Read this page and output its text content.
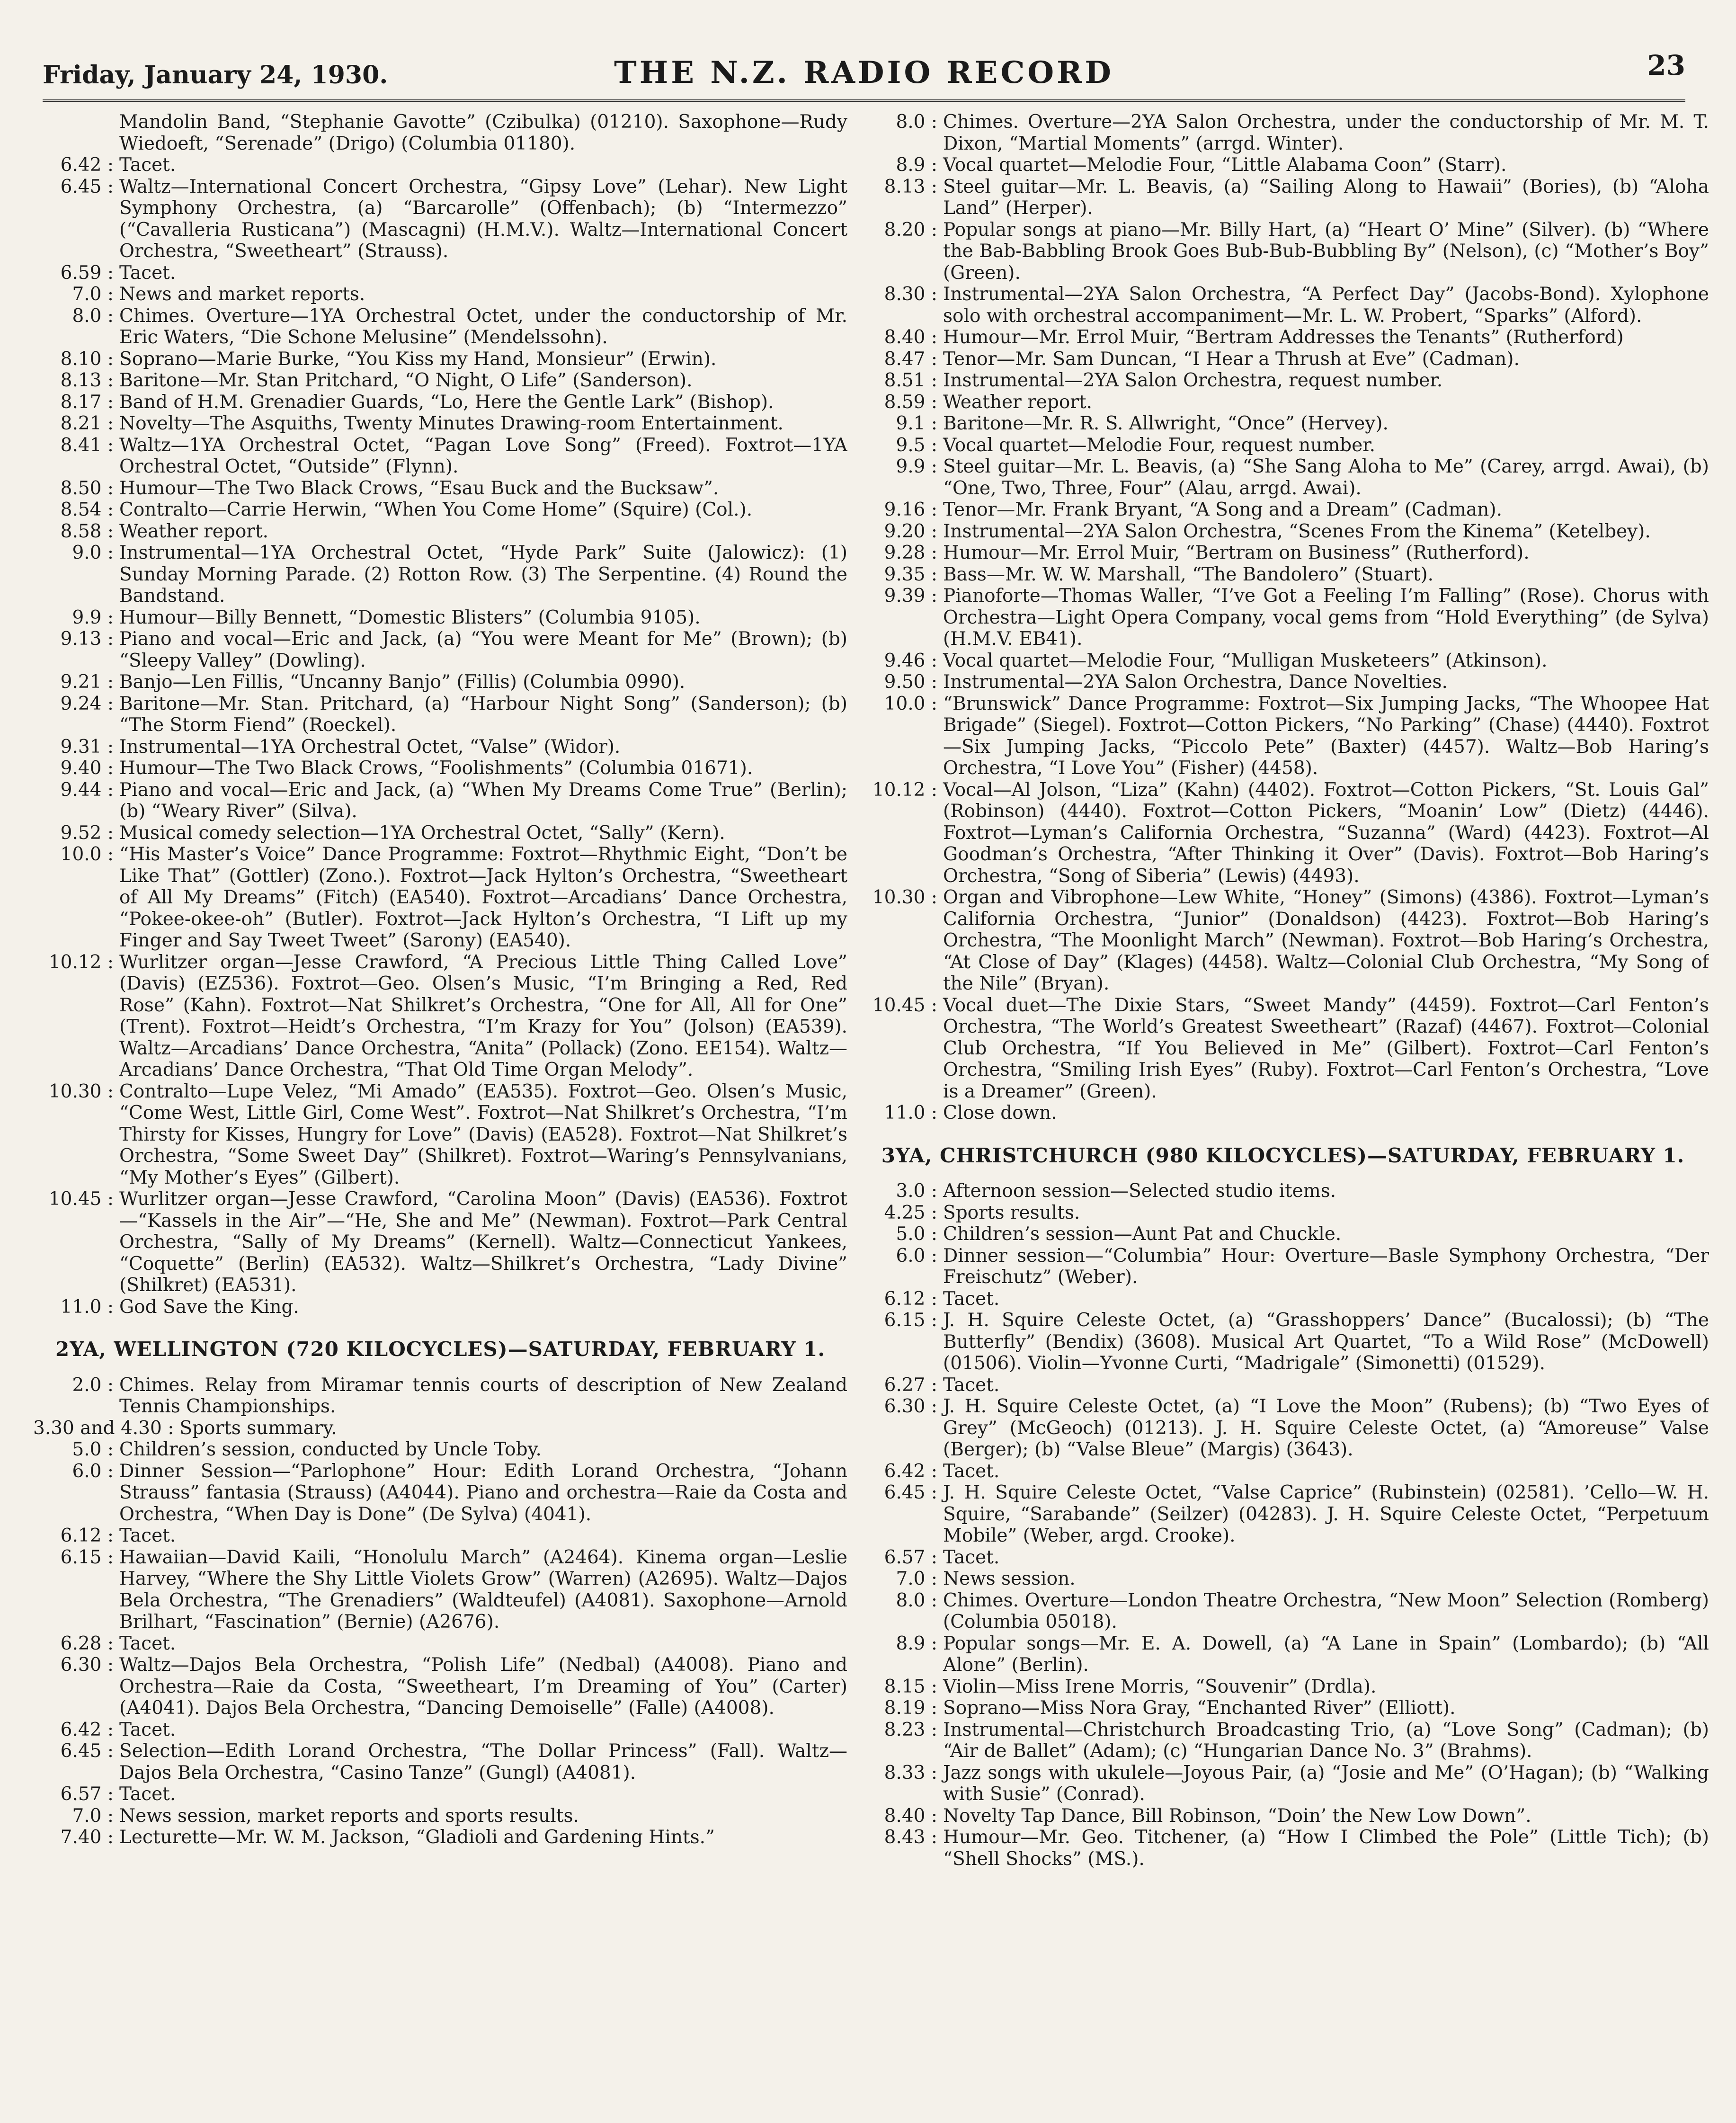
Friday, January 24, 1930.	THE N.Z. RADIO RECORD	23
Mandolin Band, “Stephanie Gavotte” (Czibulka) (01210). Saxophone—Rudy Wiedoeft, “Serenade” (Drigo) (Columbia 01180).
6.42 : Tacet.
6.45 : Waltz—International Concert Orchestra, “Gipsy Love” (Lehar). New Light Symphony Orchestra, (a) “Barcarolle” (Offenbach); (b) “Intermezzo” (“Cavalleria Rusticana”) (Mascagni) (H.M.V.). Waltz—International Concert Orchestra, “Sweetheart” (Strauss).
6.59 : Tacet.
7.0 : News and market reports.
8.0 : Chimes. Overture—1YA Orchestral Octet, under the conductorship of Mr. Eric Waters, “Die Schone Melusine” (Mendelssohn).
8.10 : Soprano—Marie Burke, “You Kiss my Hand, Monsieur” (Erwin).
8.13 : Baritone—Mr. Stan Pritchard, “O Night, O Life” (Sanderson).
8.17 : Band of H.M. Grenadier Guards, “Lo, Here the Gentle Lark” (Bishop).
8.21 : Novelty—The Asquiths, Twenty Minutes Drawing-room Entertainment.
8.41 : Waltz—1YA Orchestral Octet, “Pagan Love Song” (Freed). Foxtrot—1YA Orchestral Octet, “Outside” (Flynn).
8.50 : Humour—The Two Black Crows, “Esau Buck and the Bucksaw”.
8.54 : Contralto—Carrie Herwin, “When You Come Home” (Squire) (Col.).
8.58 : Weather report.
9.0 : Instrumental—1YA Orchestral Octet, “Hyde Park” Suite (Jalowicz): (1) Sunday Morning Parade. (2) Rotton Row. (3) The Serpentine. (4) Round the Bandstand.
9.9 : Humour—Billy Bennett, “Domestic Blisters” (Columbia 9105).
9.13 : Piano and vocal—Eric and Jack, (a) “You were Meant for Me” (Brown); (b) “Sleepy Valley” (Dowling).
9.21 : Banjo—Len Fillis, “Uncanny Banjo” (Fillis) (Columbia 0990).
9.24 : Baritone—Mr. Stan. Pritchard, (a) “Harbour Night Song” (Sanderson); (b) “The Storm Fiend” (Roeckel).
9.31 : Instrumental—1YA Orchestral Octet, “Valse” (Widor).
9.40 : Humour—The Two Black Crows, “Foolishments” (Columbia 01671).
9.44 : Piano and vocal—Eric and Jack, (a) “When My Dreams Come True” (Berlin); (b) “Weary River” (Silva).
9.52 : Musical comedy selection—1YA Orchestral Octet, “Sally” (Kern).
10.0 : “His Master’s Voice” Dance Programme: Foxtrot—Rhythmic Eight, “Don’t be Like That” (Gottler) (Zono.). Foxtrot—Jack Hylton’s Orchestra, “Sweetheart of All My Dreams” (Fitch) (EA540). Foxtrot—Arcadians’ Dance Orchestra, “Pokee-okee-oh” (Butler). Foxtrot—Jack Hylton’s Orchestra, “I Lift up my Finger and Say Tweet Tweet” (Sarony) (EA540).
10.12 : Wurlitzer organ—Jesse Crawford, “A Precious Little Thing Called Love” (Davis) (EZ536). Foxtrot—Geo. Olsen’s Music, “I’m Bringing a Red, Red Rose” (Kahn). Foxtrot—Nat Shilkret’s Orchestra, “One for All, All for One” (Trent). Foxtrot—Heidt’s Orchestra, “I’m Krazy for You” (Jolson) (EA539). Waltz—Arcadians’ Dance Orchestra, “Anita” (Pollack) (Zono. EE154). Waltz—Arcadians’ Dance Orchestra, “That Old Time Organ Melody”.
10.30 : Contralto—Lupe Velez, “Mi Amado” (EA535). Foxtrot—Geo. Olsen’s Music, “Come West, Little Girl, Come West”. Foxtrot—Nat Shilkret’s Orchestra, “I’m Thirsty for Kisses, Hungry for Love” (Davis) (EA528). Foxtrot—Nat Shilkret’s Orchestra, “Some Sweet Day” (Shilkret). Foxtrot—Waring’s Pennsylvanians, “My Mother’s Eyes” (Gilbert).
10.45 : Wurlitzer organ—Jesse Crawford, “Carolina Moon” (Davis) (EA536). Foxtrot—“Kassels in the Air”—“He, She and Me” (Newman). Foxtrot—Park Central Orchestra, “Sally of My Dreams” (Kernell). Waltz—Connecticut Yankees, “Coquette” (Berlin) (EA532). Waltz—Shilkret’s Orchestra, “Lady Divine” (Shilkret) (EA531).
11.0 : God Save the King.
2YA, WELLINGTON (720 KILOCYCLES)—SATURDAY, FEBRUARY 1.
2.0 : Chimes. Relay from Miramar tennis courts of description of New Zealand Tennis Championships.
3.30 and 4.30 : Sports summary.
5.0 : Children’s session, conducted by Uncle Toby.
6.0 : Dinner Session—“Parlophone” Hour: Edith Lorand Orchestra, “Johann Strauss” fantasia (Strauss) (A4044). Piano and orchestra—Raie da Costa and Orchestra, “When Day is Done” (De Sylva) (4041).
6.12 : Tacet.
6.15 : Hawaiian—David Kaili, “Honolulu March” (A2464). Kinema organ—Leslie Harvey, “Where the Shy Little Violets Grow” (Warren) (A2695). Waltz—Dajos Bela Orchestra, “The Grenadiers” (Waldteufel) (A4081). Saxophone—Arnold Brilhart, “Fascination” (Bernie) (A2676).
6.28 : Tacet.
6.30 : Waltz—Dajos Bela Orchestra, “Polish Life” (Nedbal) (A4008). Piano and Orchestra—Raie da Costa, “Sweetheart, I’m Dreaming of You” (Carter) (A4041). Dajos Bela Orchestra, “Dancing Demoiselle” (Falle) (A4008).
6.42 : Tacet.
6.45 : Selection—Edith Lorand Orchestra, “The Dollar Princess” (Fall). Waltz—Dajos Bela Orchestra, “Casino Tanze” (Gungl) (A4081).
6.57 : Tacet.
7.0 : News session, market reports and sports results.
7.40 : Lecturette—Mr. W. M. Jackson, “Gladioli and Gardening Hints.”
8.0 : Chimes. Overture—2YA Salon Orchestra, under the conductorship of Mr. M. T. Dixon, “Martial Moments” (arrgd. Winter).
8.9 : Vocal quartet—Melodie Four, “Little Alabama Coon” (Starr).
8.13 : Steel guitar—Mr. L. Beavis, (a) “Sailing Along to Hawaii” (Bories), (b) “Aloha Land” (Herper).
8.20 : Popular songs at piano—Mr. Billy Hart, (a) “Heart O’ Mine” (Silver). (b) “Where the Bab-Babbling Brook Goes Bub-Bub-Bubbling By” (Nelson), (c) “Mother’s Boy” (Green).
8.30 : Instrumental—2YA Salon Orchestra, “A Perfect Day” (Jacobs-Bond). Xylophone solo with orchestral accompaniment—Mr. L. W. Probert, “Sparks” (Alford).
8.40 : Humour—Mr. Errol Muir, “Bertram Addresses the Tenants” (Rutherford)
8.47 : Tenor—Mr. Sam Duncan, “I Hear a Thrush at Eve” (Cadman).
8.51 : Instrumental—2YA Salon Orchestra, request number.
8.59 : Weather report.
9.1 : Baritone—Mr. R. S. Allwright, “Once” (Hervey).
9.5 : Vocal quartet—Melodie Four, request number.
9.9 : Steel guitar—Mr. L. Beavis, (a) “She Sang Aloha to Me” (Carey, arrgd. Awai), (b) “One, Two, Three, Four” (Alau, arrgd. Awai).
9.16 : Tenor—Mr. Frank Bryant, “A Song and a Dream” (Cadman).
9.20 : Instrumental—2YA Salon Orchestra, “Scenes From the Kinema” (Ketelbey).
9.28 : Humour—Mr. Errol Muir, “Bertram on Business” (Rutherford).
9.35 : Bass—Mr. W. W. Marshall, “The Bandolero” (Stuart).
9.39 : Pianoforte—Thomas Waller, “I’ve Got a Feeling I’m Falling” (Rose). Chorus with Orchestra—Light Opera Company, vocal gems from “Hold Everything” (de Sylva) (H.M.V. EB41).
9.46 : Vocal quartet—Melodie Four, “Mulligan Musketeers” (Atkinson).
9.50 : Instrumental—2YA Salon Orchestra, Dance Novelties.
10.0 : “Brunswick” Dance Programme: Foxtrot—Six Jumping Jacks, “The Whoopee Hat Brigade” (Siegel). Foxtrot—Cotton Pickers, “No Parking” (Chase) (4440). Foxtrot—Six Jumping Jacks, “Piccolo Pete” (Baxter) (4457). Waltz—Bob Haring’s Orchestra, “I Love You” (Fisher) (4458).
10.12 : Vocal—Al Jolson, “Liza” (Kahn) (4402). Foxtrot—Cotton Pickers, “St. Louis Gal” (Robinson) (4440). Foxtrot—Cotton Pickers, “Moanin’ Low” (Dietz) (4446). Foxtrot—Lyman’s California Orchestra, “Suzanna” (Ward) (4423). Foxtrot—Al Goodman’s Orchestra, “After Thinking it Over” (Davis). Foxtrot—Bob Haring’s Orchestra, “Song of Siberia” (Lewis) (4493).
10.30 : Organ and Vibrophone—Lew White, “Honey” (Simons) (4386). Foxtrot—Lyman’s California Orchestra, “Junior” (Donaldson) (4423). Foxtrot—Bob Haring’s Orchestra, “The Moonlight March” (Newman). Foxtrot—Bob Haring’s Orchestra, “At Close of Day” (Klages) (4458). Waltz—Colonial Club Orchestra, “My Song of the Nile” (Bryan).
10.45 : Vocal duet—The Dixie Stars, “Sweet Mandy” (4459). Foxtrot—Carl Fenton’s Orchestra, “The World’s Greatest Sweetheart” (Razaf) (4467). Foxtrot—Colonial Club Orchestra, “If You Believed in Me” (Gilbert). Foxtrot—Carl Fenton’s Orchestra, “Smiling Irish Eyes” (Ruby). Foxtrot—Carl Fenton’s Orchestra, “Love is a Dreamer” (Green).
11.0 : Close down.
3YA, CHRISTCHURCH (980 KILOCYCLES)—SATURDAY, FEBRUARY 1.
3.0 : Afternoon session—Selected studio items.
4.25 : Sports results.
5.0 : Children’s session—Aunt Pat and Chuckle.
6.0 : Dinner session—“Columbia” Hour: Overture—Basle Symphony Orchestra, “Der Freischutz” (Weber).
6.12 : Tacet.
6.15 : J. H. Squire Celeste Octet, (a) “Grasshoppers’ Dance” (Bucalossi); (b) “The Butterfly” (Bendix) (3608). Musical Art Quartet, “To a Wild Rose” (McDowell) (01506). Violin—Yvonne Curti, “Madrigale” (Simonetti) (01529).
6.27 : Tacet.
6.30 : J. H. Squire Celeste Octet, (a) “I Love the Moon” (Rubens); (b) “Two Eyes of Grey” (McGeoch) (01213). J. H. Squire Celeste Octet, (a) “Amoreuse” Valse (Berger); (b) “Valse Bleue” (Margis) (3643).
6.42 : Tacet.
6.45 : J. H. Squire Celeste Octet, “Valse Caprice” (Rubinstein) (02581). ’Cello—W. H. Squire, “Sarabande” (Seilzer) (04283). J. H. Squire Celeste Octet, “Perpetuum Mobile” (Weber, argd. Crooke).
6.57 : Tacet.
7.0 : News session.
8.0 : Chimes. Overture—London Theatre Orchestra, “New Moon” Selection (Romberg) (Columbia 05018).
8.9 : Popular songs—Mr. E. A. Dowell, (a) “A Lane in Spain” (Lombardo); (b) “All Alone” (Berlin).
8.15 : Violin—Miss Irene Morris, “Souvenir” (Drdla).
8.19 : Soprano—Miss Nora Gray, “Enchanted River” (Elliott).
8.23 : Instrumental—Christchurch Broadcasting Trio, (a) “Love Song” (Cadman); (b) “Air de Ballet” (Adam); (c) “Hungarian Dance No. 3” (Brahms).
8.33 : Jazz songs with ukulele—Joyous Pair, (a) “Josie and Me” (O’Hagan); (b) “Walking with Susie” (Conrad).
8.40 : Novelty Tap Dance, Bill Robinson, “Doin’ the New Low Down”.
8.43 : Humour—Mr. Geo. Titchener, (a) “How I Climbed the Pole” (Little Tich); (b) “Shell Shocks” (MS.).
